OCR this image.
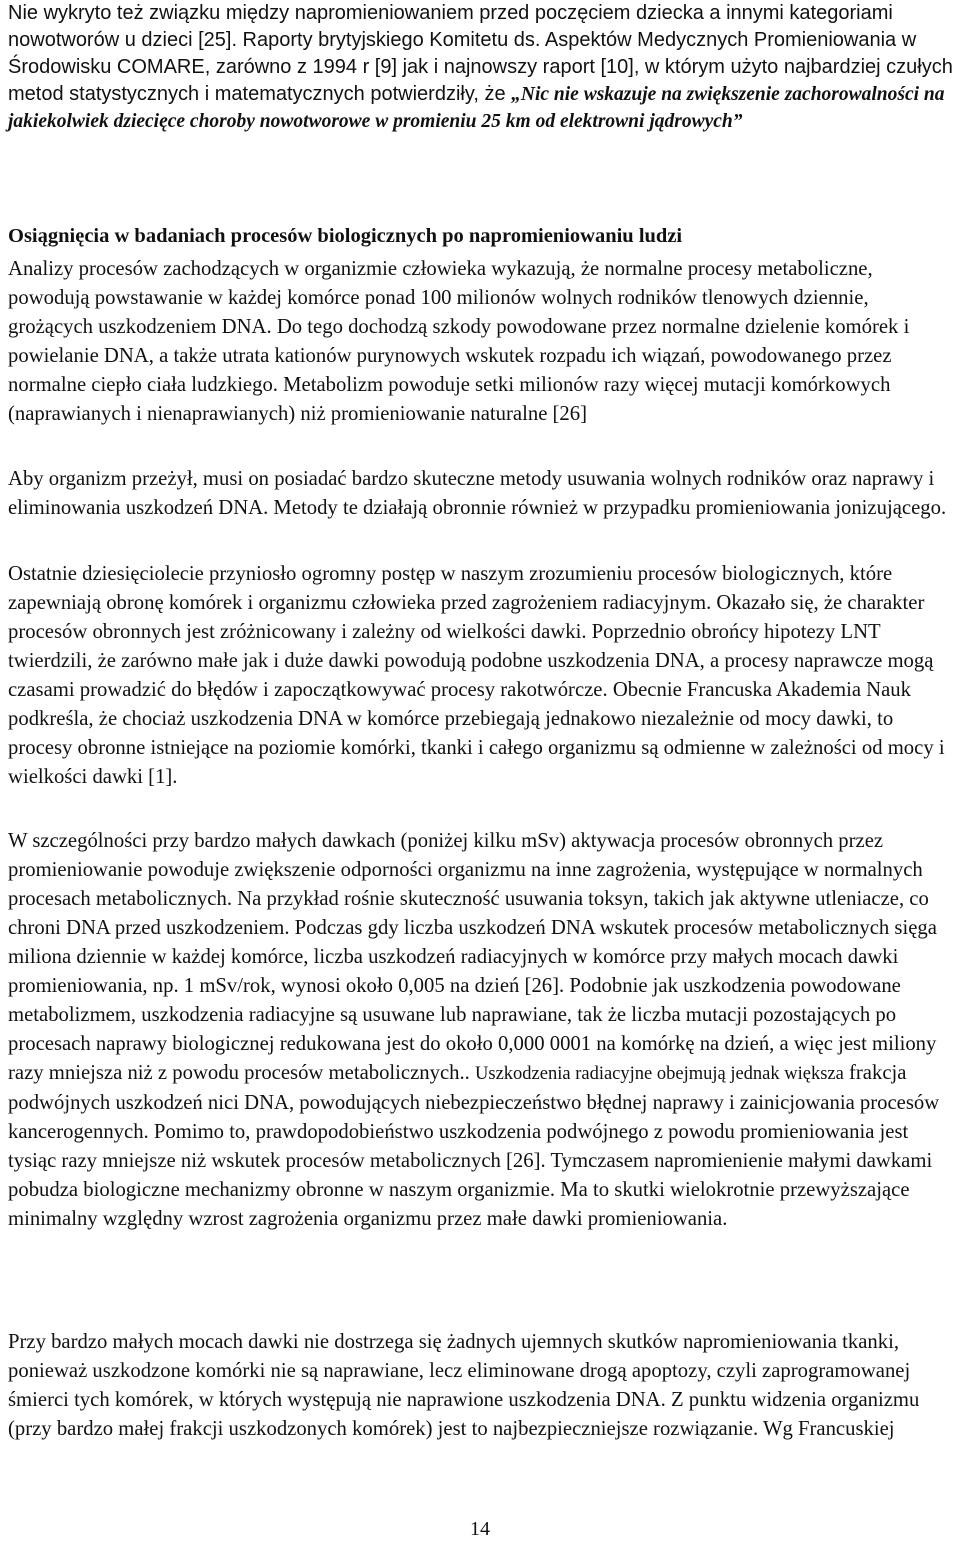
Nie wykryto też związku między napromieniowaniem przed poczęciem dziecka a innymi kategoriami nowotworów u dzieci [25]. Raporty brytyjskiego Komitetu ds. Aspektów Medycznych Promieniowania w Środowisku COMARE, zarówno z 1994 r [9] jak i najnowszy raport [10], w którym użyto najbardziej czułych metod statystycznych i matematycznych potwierdziły, że „Nic nie wskazuje na zwiększenie zachorowalności na jakiekolwiek dziecięce choroby nowotworowe w promieniu 25 km od elektrowni jądrowych”

Osiągnięcia w badaniach procesów biologicznych po napromieniowaniu ludzi

Analizy procesów zachodzących w organizmie człowieka wykazują, że normalne procesy metaboliczne, powodują powstawanie w każdej komórce ponad 100 milionów wolnych rodników tlenowych dziennie, grożących uszkodzeniem DNA. Do tego dochodzą szkody powodowane przez normalne dzielenie komórek i powielanie DNA, a także utrata kationów purynowych wskutek rozpadu ich wiązań, powodowanego przez normalne ciepło ciała ludzkiego. Metabolizm powoduje setki milionów razy więcej mutacji komórkowych (naprawianych i nienaprawianych) niż promieniowanie naturalne [26]

Aby organizm przeżył, musi on posiadać bardzo skuteczne metody usuwania wolnych rodników oraz naprawy i eliminowania uszkodzeń DNA. Metody te działają obronnie również w przypadku promieniowania jonizującego.

Ostatnie dziesięciolecie przyniosło ogromny postęp w naszym zrozumieniu procesów biologicznych, które zapewniają obronę komórek i organizmu człowieka przed zagrożeniem radiacyjnym. Okazało się, że charakter procesów obronnych jest zróżnicowany i zależny od wielkości dawki. Poprzednio obrońcy hipotezy LNT twierdzili, że zarówno małe jak i duże dawki powodują podobne uszkodzenia DNA, a procesy naprawcze mogą czasami prowadzić do błędów i zapoczątkowywać procesy rakotwórcze. Obecnie Francuska Akademia Nauk podkreśla, że chociaż uszkodzenia DNA w komórce przebiegają jednakowo niezależnie od mocy dawki, to procesy obronne istniejące na poziomie komórki, tkanki i całego organizmu są odmienne w zależności od mocy i wielkości dawki [1].

W szczególności przy bardzo małych dawkach (poniżej kilku mSv) aktywacja procesów obronnych przez promieniowanie powoduje zwiększenie odporności organizmu na inne zagrożenia, występujące w normalnych procesach metabolicznych. Na przykład rośnie skuteczność usuwania toksyn, takich jak aktywne utleniacze, co chroni DNA przed uszkodzeniem. Podczas gdy liczba uszkodzeń DNA wskutek procesów metabolicznych sięga miliona dziennie w każdej komórce, liczba uszkodzeń radiacyjnych w komórce przy małych mocach dawki promieniowania, np. 1 mSv/rok, wynosi około 0,005 na dzień [26]. Podobnie jak uszkodzenia powodowane metabolizmem, uszkodzenia radiacyjne są usuwane lub naprawiane, tak że liczba mutacji pozostających po procesach naprawy biologicznej redukowana jest do około 0,000 0001 na komórkę na dzień, a więc jest miliony razy mniejsza niż z powodu procesów metabolicznych.. Uszkodzenia radiacyjne obejmują jednak większa frakcja podwójnych uszkodzeń nici DNA, powodujących niebezpieczeństwo błędnej naprawy i zainicjowania procesów kancerogennych. Pomimo to, prawdopodobieństwo uszkodzenia podwójnego z powodu promieniowania jest tysiąc razy mniejsze niż wskutek procesów metabolicznych [26]. Tymczasem napromienienie małymi dawkami pobudza biologiczne mechanizmy obronne w naszym organizmie. Ma to skutki wielokrotnie przewyższające minimalny względny wzrost zagrożenia organizmu przez małe dawki promieniowania.

Przy bardzo małych mocach dawki nie dostrzega się żadnych ujemnych skutków napromieniowania tkanki, ponieważ uszkodzone komórki nie są naprawiane, lecz eliminowane drogą apoptozy, czyli zaprogramowanej śmierci tych komórek, w których występują nie naprawione uszkodzenia DNA. Z punktu widzenia organizmu (przy bardzo małej frakcji uszkodzonych komórek) jest to najbezpieczniejsze rozwiązanie. Wg Francuskiej

14
